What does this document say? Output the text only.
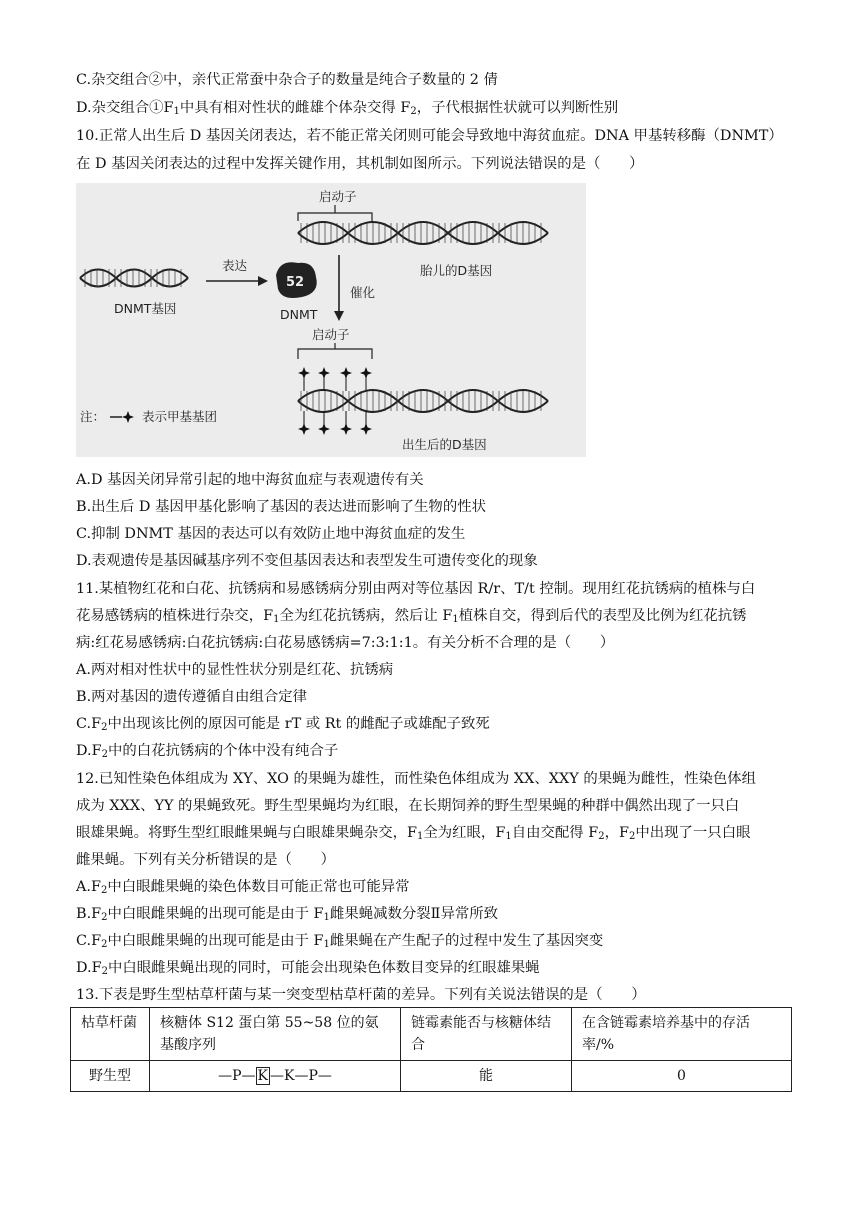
C.杂交组合②中，亲代正常蚕中杂合子的数量是纯合子数量的 2 倩
D.杂交组合$①F_1$中具有相对性状的雌雄个体杂交得 $F_2$，子代根据性状就可以判断性别
10.正常人出生后 D 基因关闭表达，若不能正常关闭则可能会导致地中海贫血症。DNA 甲基转移酶（DNMT）
在 D 基因关闭表达的过程中发挥关键作用，其机制如图所示。下列说法错误的是（　　）
启动子
胎儿的D基因
DNMT基因
表达
52
DNMT
催化
启动子
注：	表示甲基基团
出生后的D基因
A.D 基因关闭异常引起的地中海贫血症与表观遗传有关
B.出生后 D 基因甲基化影响了基因的表达进而影响了生物的性状
C.抑制 DNMT 基因的表达可以有效防止地中海贫血症的发生
D.表观遗传是基因碱基序列不变但基因表达和表型发生可遗传变化的现象
11.某植物红花和白花、抗锈病和易感锈病分别由两对等位基因 R/r、T/t 控制。现用红花抗锈病的植株与白
花易感锈病的植株进行杂交，$F_1$全为红花抗锈病，然后让 $F_1$植株自交，得到后代的表型及比例为红花抗锈
病:红花易感锈病:白花抗锈病:白花易感锈病=7:3:1:1。有关分析不合理的是（　　）
A.两对相对性状中的显性性状分别是红花、抗锈病
B.两对基因的遗传遵循自由组合定律
$C.F_2$中出现该比例的原因可能是 rT 或 Rt 的雌配子或雄配子致死
$D.F_2$中的白花抗锈病的个体中没有纯合子
12.已知性染色体组成为 XY、XO 的果蝇为雄性，而性染色体组成为 XX、XXY 的果蝇为雌性，性染色体组
成为 XXX、YY 的果蝇致死。野生型果蝇均为红眼，在长期饲养的野生型果蝇的种群中偶然出现了一只白
眼雄果蝇。将野生型红眼雌果蝇与白眼雄果蝇杂交，$F_1$全为红眼，$F_1$自由交配得 $F_2$，$F_2$中出现了一只白眼
雌果蝇。下列有关分析错误的是（　　）
$A.F_2$中白眼雌果蝇的染色体数目可能正常也可能异常
$B.F_2$中白眼雌果蝇的出现可能是由于 $F_1$雌果蝇减数分裂Ⅱ异常所致
$C.F_2$中白眼雌果蝇的出现可能是由于 $F_1$雌果蝇在产生配子的过程中发生了基因突变
$D.F_2$中白眼雌果蝇出现的同时，可能会出现染色体数目变异的红眼雄果蝇
13.下表是野生型枯草杆菌与某一突变型枯草杆菌的差异。下列有关说法错误的是（　　）
枯草杆菌	核糖体 S12 蛋白第 55~58 位的氨基酸序列	链霉素能否与核糖体结合	在含链霉素培养基中的存活率/%
野生型	—P— K —K—P—	能	0
